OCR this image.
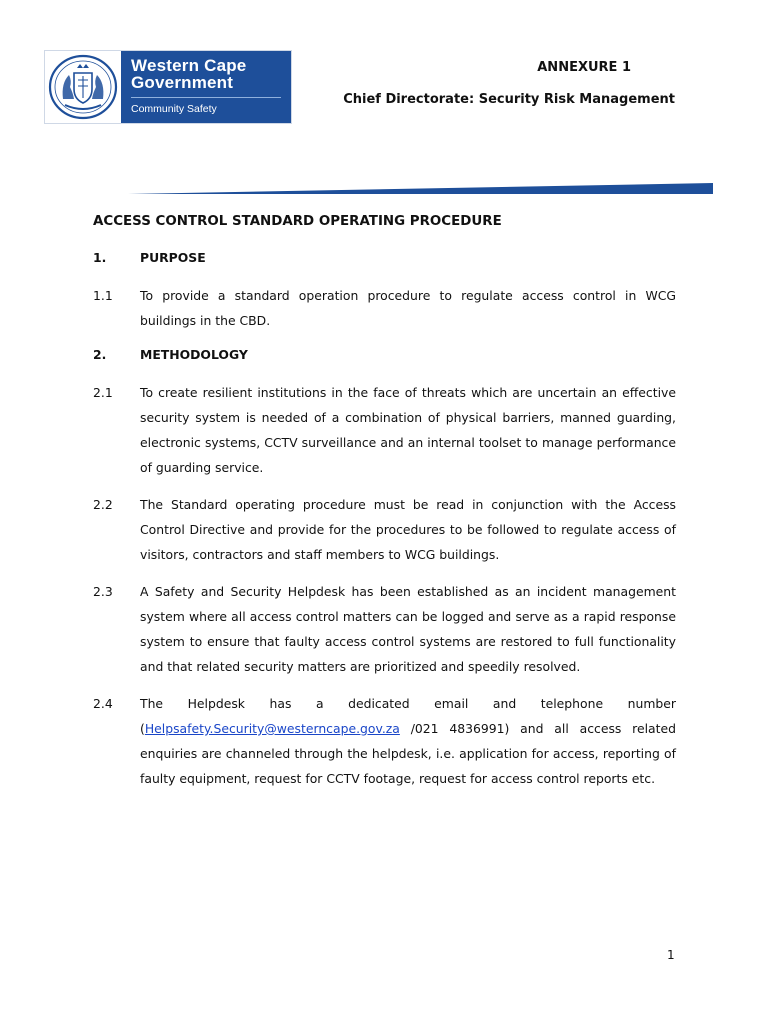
Western Cape
Government
Community Safety
ANNEXURE 1
Chief Directorate: Security Risk Management
ACCESS CONTROL STANDARD OPERATING PROCEDURE
1.	PURPOSE
1.1	To provide a standard operation procedure to regulate access control in WCG buildings in the CBD.
2.	METHODOLOGY
2.1	To create resilient institutions in the face of threats which are uncertain an effective security system is needed of a combination of physical barriers, manned guarding, electronic systems, CCTV surveillance and an internal toolset to manage performance of guarding service.
2.2	The Standard operating procedure must be read in conjunction with the Access Control Directive and provide for the procedures to be followed to regulate access of visitors, contractors and staff members to WCG buildings.
2.3	A Safety and Security Helpdesk has been established as an incident management system where all access control matters can be logged and serve as a rapid response system to ensure that faulty access control systems are restored to full functionality and that related security matters are prioritized and speedily resolved.
2.4	The Helpdesk has a dedicated email and telephone number (Helpsafety.Security@westerncape.gov.za /021 4836991) and all access related enquiries are channeled through the helpdesk, i.e. application for access, reporting of faulty equipment, request for CCTV footage, request for access control reports etc.
1
